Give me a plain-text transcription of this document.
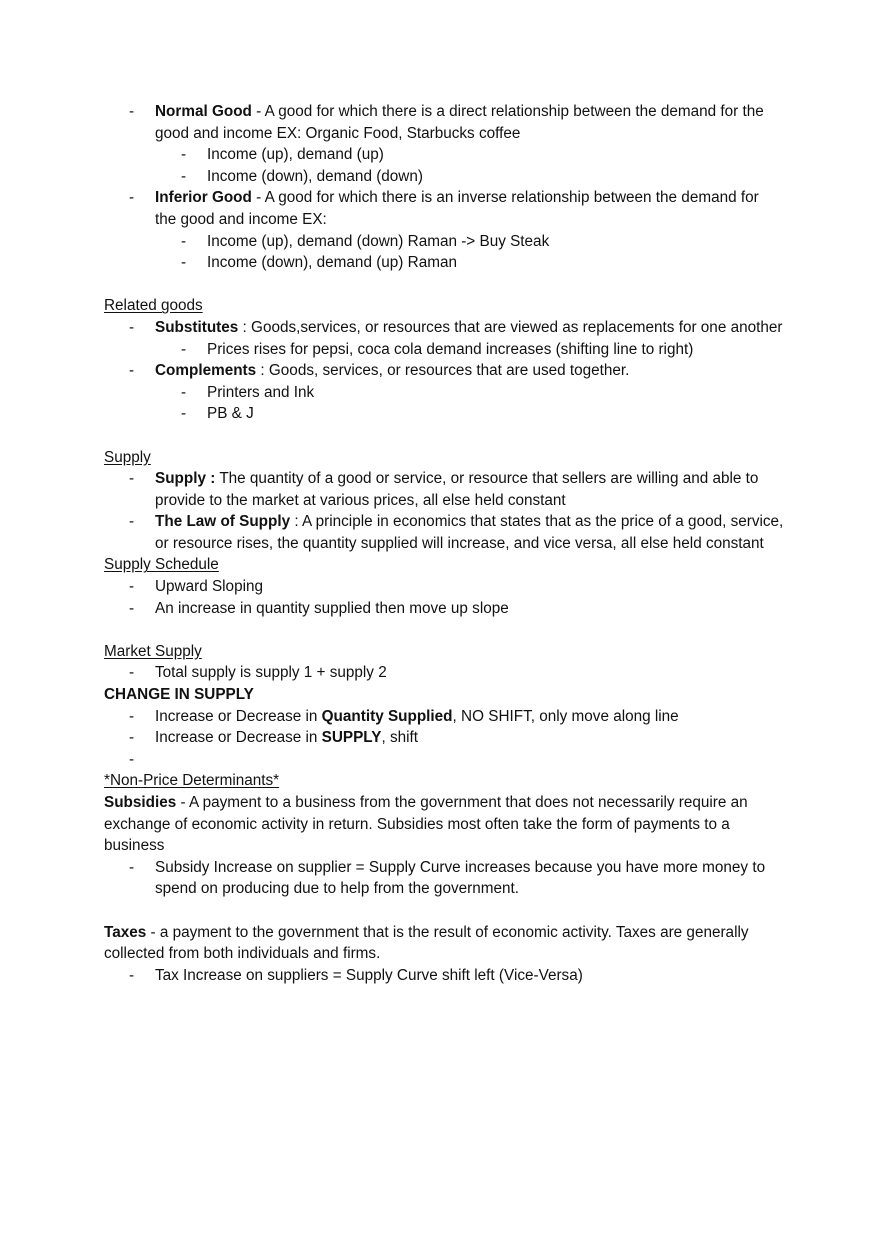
- Normal Good - A good for which there is a direct relationship between the demand for the good and income EX: Organic Food, Starbucks coffee
- Income (up), demand (up)
- Income (down), demand (down)
- Inferior Good - A good for which there is an inverse relationship between the demand for the good and income EX:
- Income (up), demand (down) Raman -> Buy Steak
- Income (down), demand (up) Raman
Related goods
- Substitutes : Goods,services, or resources that are viewed as replacements for one another
- Prices rises for pepsi, coca cola demand increases (shifting line to right)
- Complements : Goods, services, or resources that are used together.
- Printers and Ink
- PB & J
Supply
- Supply : The quantity of a good or service, or resource that sellers are willing and able to provide to the market at various prices, all else held constant
- The Law of Supply : A principle in economics that states that as the price of a good, service, or resource rises, the quantity supplied will increase, and vice versa, all else held constant
Supply Schedule
- Upward Sloping
- An increase in quantity supplied then move up slope
Market Supply
- Total supply is supply 1 + supply 2
CHANGE IN SUPPLY
- Increase or Decrease in Quantity Supplied, NO SHIFT, only move along line
- Increase or Decrease in SUPPLY, shift
-
*Non-Price Determinants*
Subsidies - A payment to a business from the government that does not necessarily require an exchange of economic activity in return. Subsidies most often take the form of payments to a business
- Subsidy Increase on supplier = Supply Curve increases because you have more money to spend on producing due to help from the government.
Taxes - a payment to the government that is the result of economic activity. Taxes are generally collected from both individuals and firms.
- Tax Increase on suppliers = Supply Curve shift left (Vice-Versa)
